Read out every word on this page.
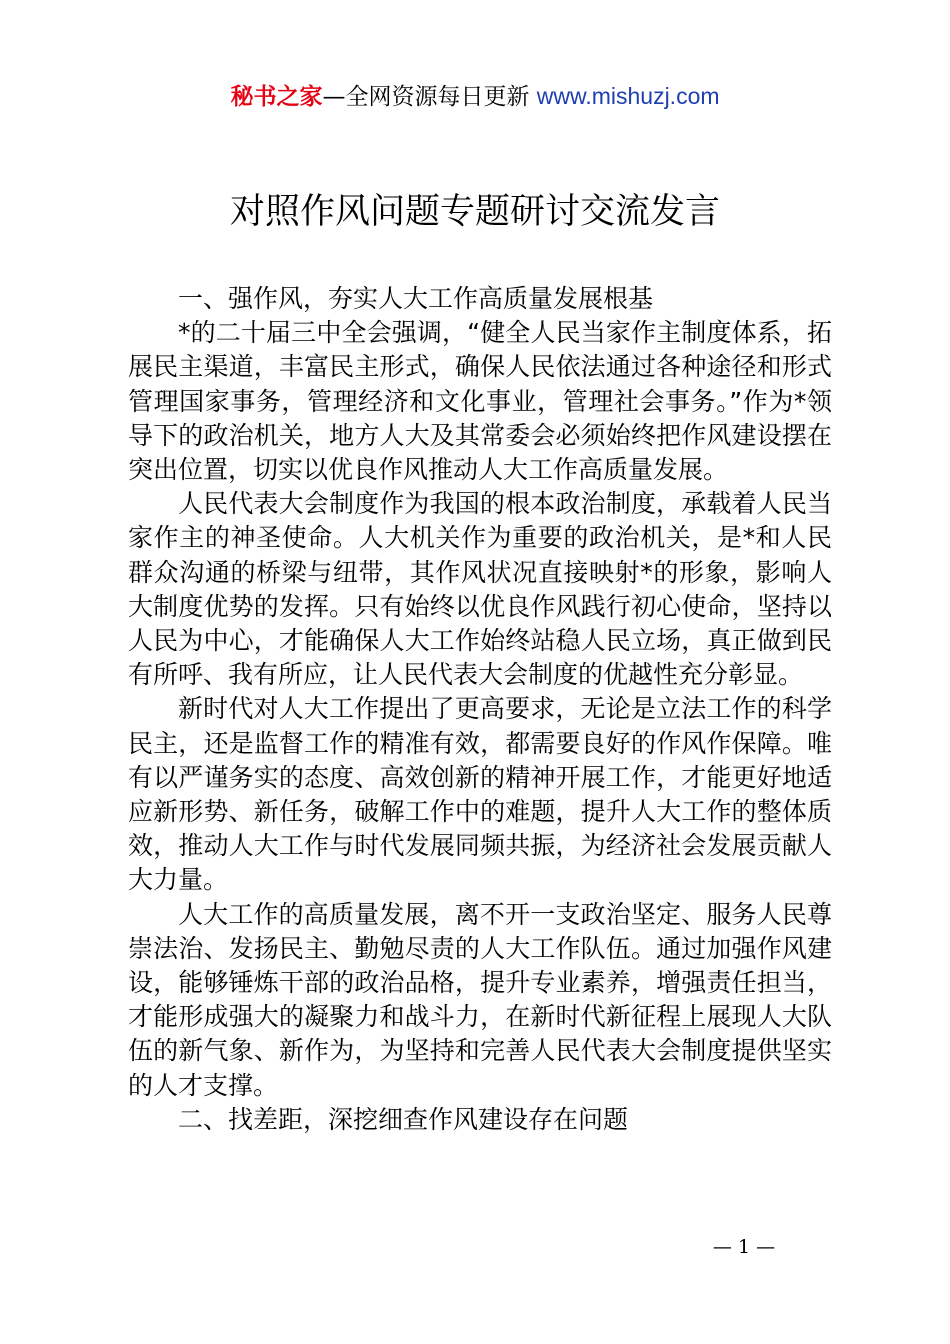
秘书之家—全网资源每日更新 www.mishuzj.com
对照作风问题专题研讨交流发言

一、强作风，夯实人大工作高质量发展根基

*的二十届三中全会强调，“健全人民当家作主制度体系，拓展民主渠道，丰富民主形式，确保人民依法通过各种途径和形式管理国家事务，管理经济和文化事业，管理社会事务。”作为*领导下的政治机关，地方人大及其常委会必须始终把作风建设摆在突出位置，切实以优良作风推动人大工作高质量发展。

人民代表大会制度作为我国的根本政治制度，承载着人民当家作主的神圣使命。人大机关作为重要的政治机关，是*和人民群众沟通的桥梁与纽带，其作风状况直接映射*的形象，影响人大制度优势的发挥。只有始终以优良作风践行初心使命，坚持以人民为中心，才能确保人大工作始终站稳人民立场，真正做到民有所呼、我有所应，让人民代表大会制度的优越性充分彰显。

新时代对人大工作提出了更高要求，无论是立法工作的科学民主，还是监督工作的精准有效，都需要良好的作风作保障。唯有以严谨务实的态度、高效创新的精神开展工作，才能更好地适应新形势、新任务，破解工作中的难题，提升人大工作的整体质效，推动人大工作与时代发展同频共振，为经济社会发展贡献人大力量。

人大工作的高质量发展，离不开一支政治坚定、服务人民尊崇法治、发扬民主、勤勉尽责的人大工作队伍。通过加强作风建设，能够锤炼干部的政治品格，提升专业素养，增强责任担当，才能形成强大的凝聚力和战斗力，在新时代新征程上展现人大队伍的新气象、新作为，为坚持和完善人民代表大会制度提供坚实的人才支撑。

二、找差距，深挖细查作风建设存在问题

— 1 —
